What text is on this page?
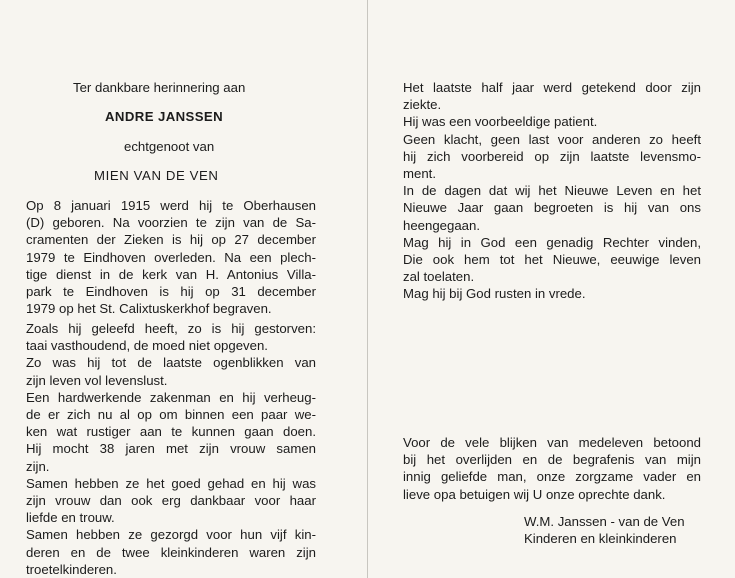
Ter dankbare herinnering aan
ANDRE JANSSEN
echtgenoot van
MIEN VAN DE VEN
Op 8 januari 1915 werd hij te Oberhausen
(D) geboren. Na voorzien te zijn van de Sa-
cramenten der Zieken is hij op 27 december
1979 te Eindhoven overleden. Na een plech-
tige dienst in de kerk van H. Antonius Villa-
park te Eindhoven is hij op 31 december
1979 op het St. Calixtuskerkhof begraven.
Zoals hij geleefd heeft, zo is hij gestorven:
taai vasthoudend, de moed niet opgeven.
Zo was hij tot de laatste ogenblikken van
zijn leven vol levenslust.
Een hardwerkende zakenman en hij verheug-
de er zich nu al op om binnen een paar we-
ken wat rustiger aan te kunnen gaan doen.
Hij mocht 38 jaren met zijn vrouw samen
zijn.
Samen hebben ze het goed gehad en hij was
zijn vrouw dan ook erg dankbaar voor haar
liefde en trouw.
Samen hebben ze gezorgd voor hun vijf kin-
deren en de twee kleinkinderen waren zijn
troetelkinderen.
Het laatste half jaar werd getekend door zijn
ziekte.
Hij was een voorbeeldige patient.
Geen klacht, geen last voor anderen zo heeft
hij zich voorbereid op zijn laatste levensmo-
ment.
In de dagen dat wij het Nieuwe Leven en het
Nieuwe Jaar gaan begroeten is hij van ons
heengegaan.
Mag hij in God een genadig Rechter vinden,
Die ook hem tot het Nieuwe, eeuwige leven
zal toelaten.
Mag hij bij God rusten in vrede.
Voor de vele blijken van medeleven betoond
bij het overlijden en de begrafenis van mijn
innig geliefde man, onze zorgzame vader en
lieve opa betuigen wij U onze oprechte dank.
W.M. Janssen - van de Ven
Kinderen en kleinkinderen
